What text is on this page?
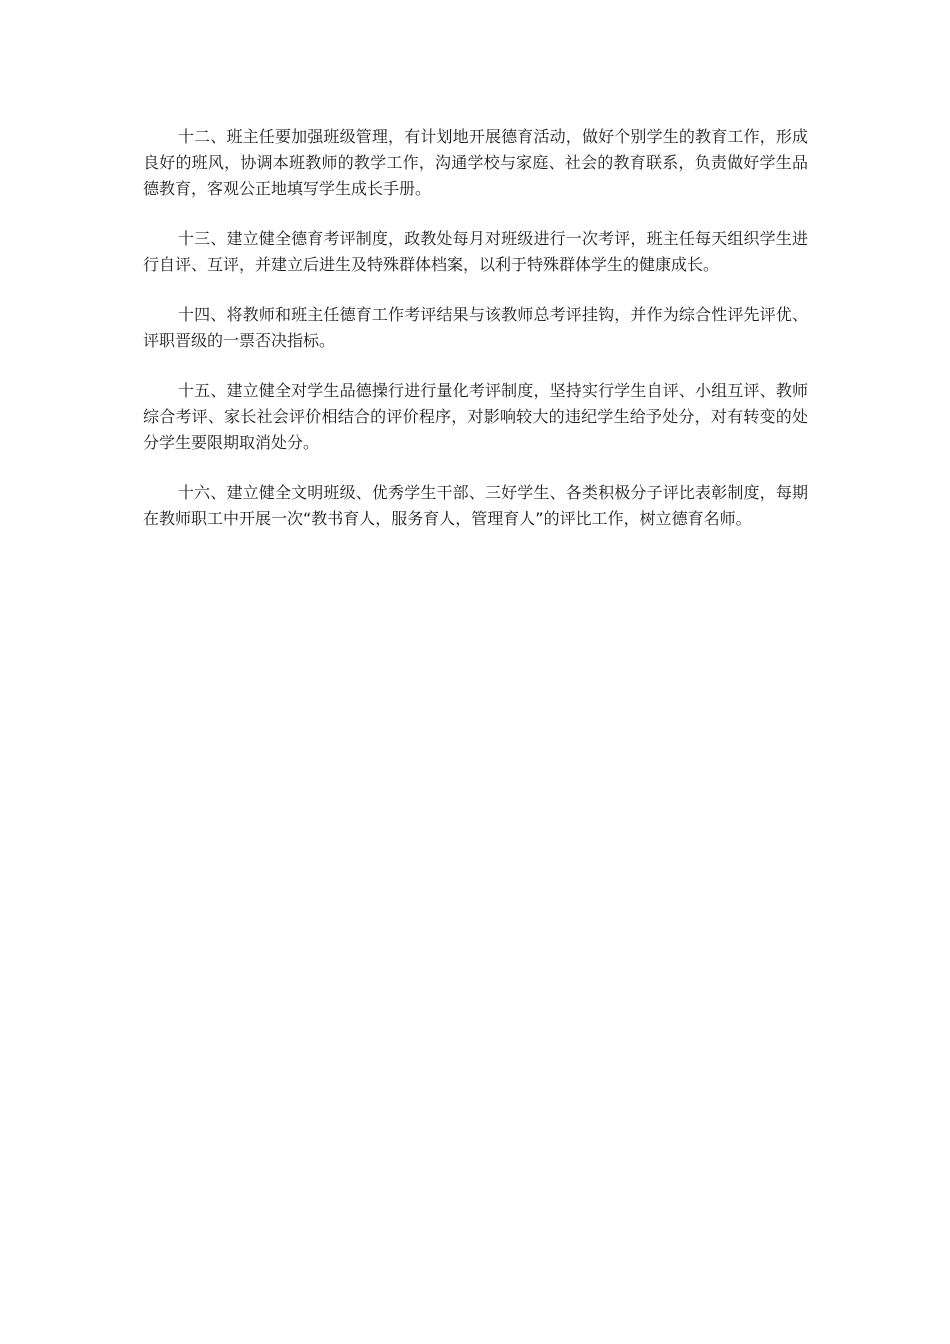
十二、班主任要加强班级管理，有计划地开展德育活动，做好个别学生的教育工作，形成良好的班风，协调本班教师的教学工作，沟通学校与家庭、社会的教育联系，负责做好学生品德教育，客观公正地填写学生成长手册。

十三、建立健全德育考评制度，政教处每月对班级进行一次考评，班主任每天组织学生进行自评、互评，并建立后进生及特殊群体档案，以利于特殊群体学生的健康成长。

十四、将教师和班主任德育工作考评结果与该教师总考评挂钩，并作为综合性评先评优、评职晋级的一票否决指标。

十五、建立健全对学生品德操行进行量化考评制度，坚持实行学生自评、小组互评、教师综合考评、家长社会评价相结合的评价程序，对影响较大的违纪学生给予处分，对有转变的处分学生要限期取消处分。

十六、建立健全文明班级、优秀学生干部、三好学生、各类积极分子评比表彰制度，每期在教师职工中开展一次“教书育人，服务育人，管理育人”的评比工作，树立德育名师。
